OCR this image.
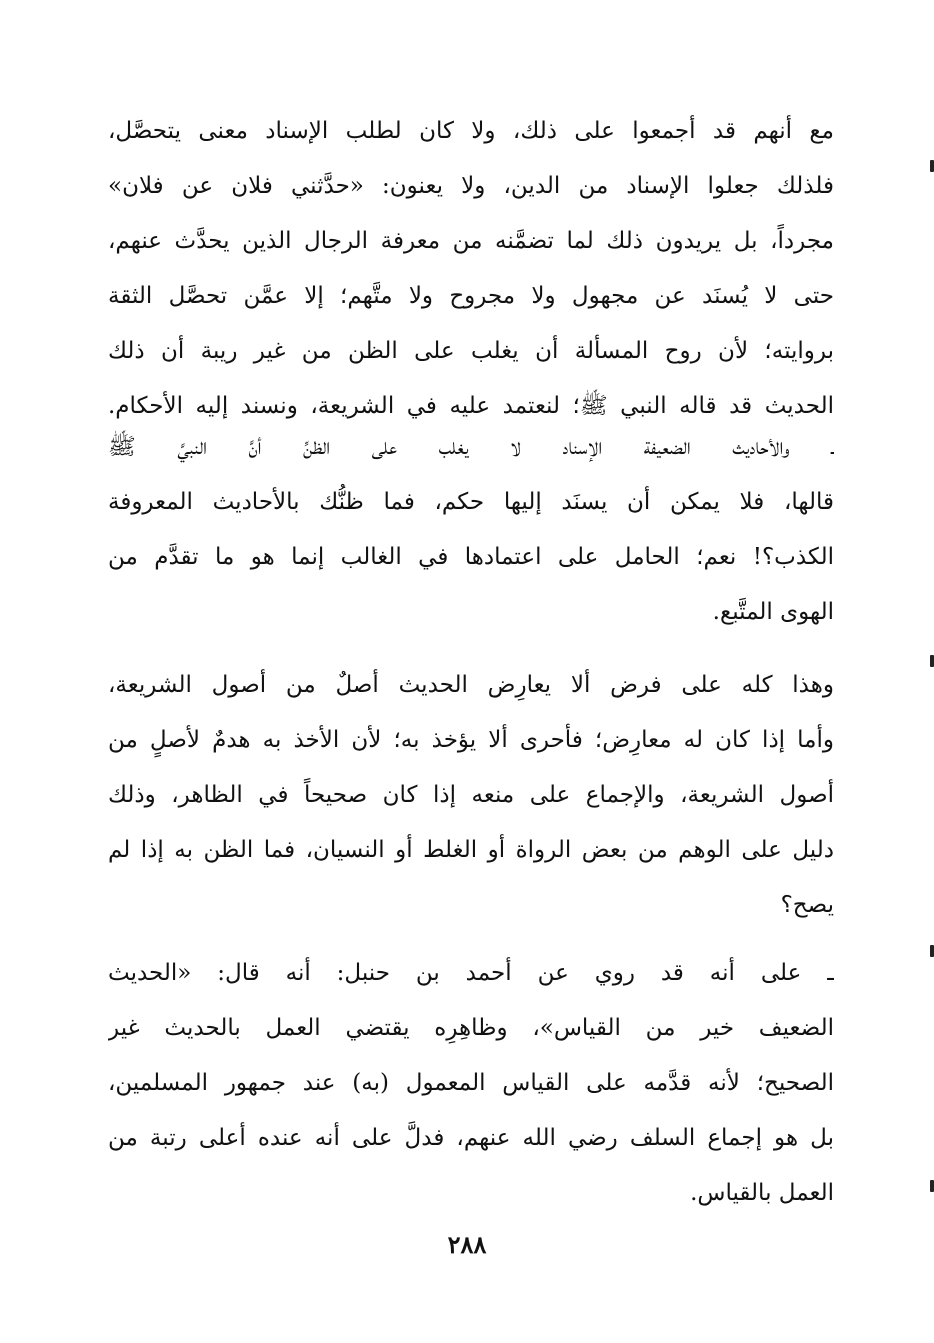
مع أنهم قد أجمعوا على ذلك، ولا كان لطلب الإسناد معنى يتحصَّل،
فلذلك جعلوا الإسناد من الدين، ولا يعنون: «حدَّثني فلان عن فلان»
مجرداً، بل يريدون ذلك لما تضمَّنه من معرفة الرجال الذين يحدَّث عنهم،
حتى لا يُسنَد عن مجهول ولا مجروح ولا متَّهم؛ إلا عمَّن تحصَّل الثقة
بروايته؛ لأن روح المسألة أن يغلب على الظن من غير ريبة أن ذلك
الحديث قد قاله النبي ﷺ؛ لنعتمد عليه في الشريعة، ونسند إليه الأحكام.
ـ والأحاديث الضعيفة الإسناد لا يغلب على الظنِّ أنَّ النبيَّ ﷺ
قالها، فلا يمكن أن يسنَد إليها حكم، فما ظنُّك بالأحاديث المعروفة
الكذب؟! نعم؛ الحامل على اعتمادها في الغالب إنما هو ما تقدَّم من
الهوى المتَّبع.
وهذا كله على فرض ألا يعارِض الحديث أصلٌ من أصول الشريعة،
وأما إذا كان له معارِض؛ فأحرى ألا يؤخذ به؛ لأن الأخذ به هدمٌ لأصلٍ من
أصول الشريعة، والإجماع على منعه إذا كان صحيحاً في الظاهر، وذلك
دليل على الوهم من بعض الرواة أو الغلط أو النسيان، فما الظن به إذا لم
يصح؟
ـ على أنه قد روي عن أحمد بن حنبل: أنه قال: «الحديث
الضعيف خير من القياس»، وظاهِرِه يقتضي العمل بالحديث غير
الصحيح؛ لأنه قدَّمه على القياس المعمول (به) عند جمهور المسلمين،
بل هو إجماع السلف رضي الله عنهم، فدلَّ على أنه عنده أعلى رتبة من
العمل بالقياس.
٢٨٨
